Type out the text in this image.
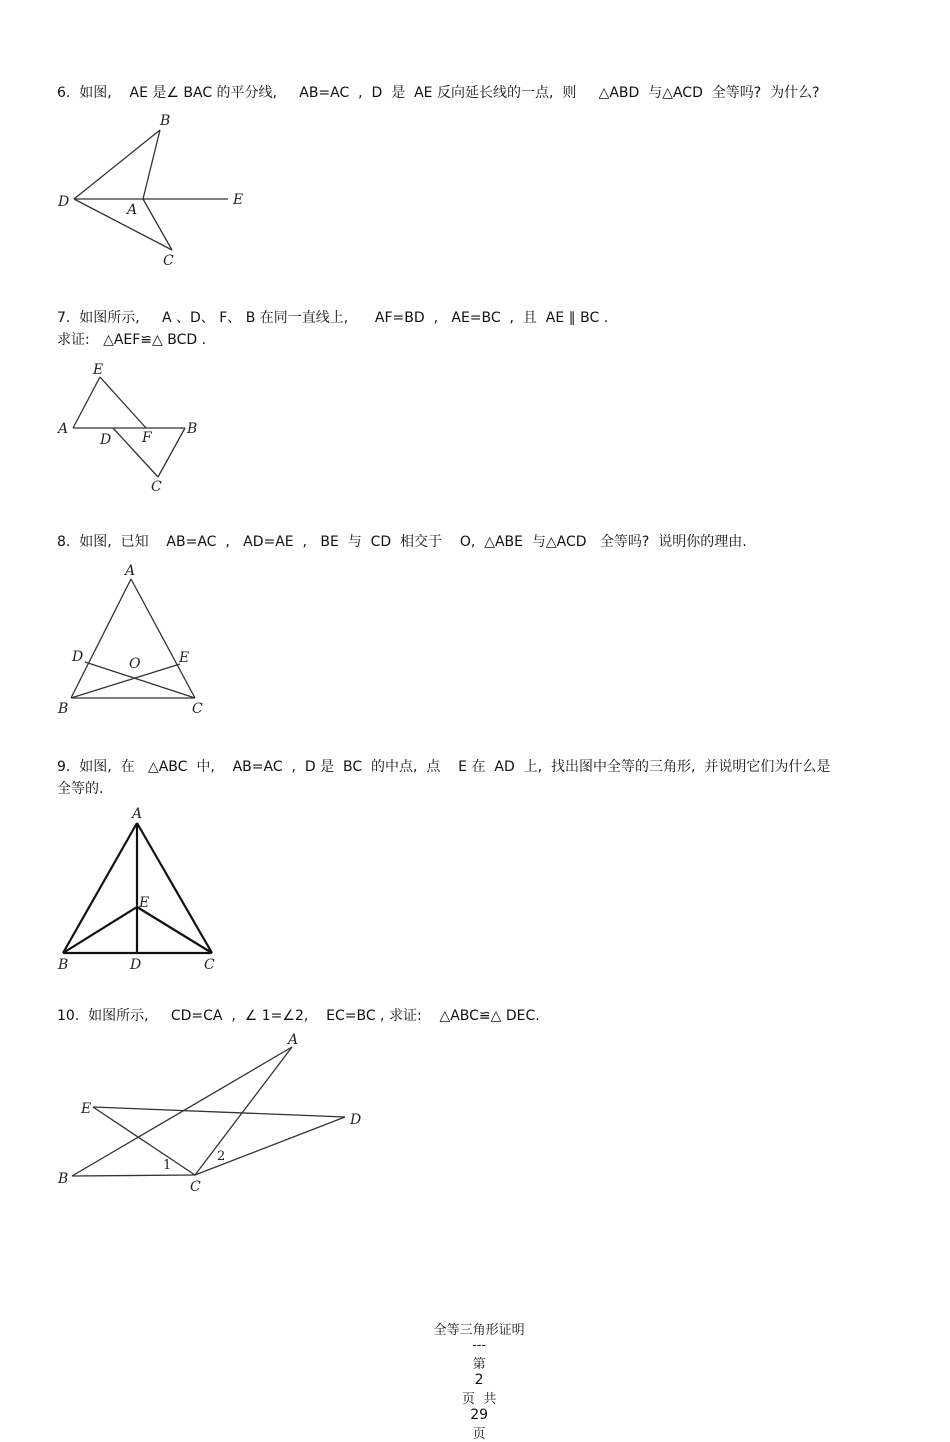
6.  如图,    AE 是∠ BAC 的平分线,     AB=AC  ,  D  是  AE 反向延长线的一点,  则     △ABD  与△ACD  全等吗?  为什么?
7.  如图所示,     A 、D、 F、 B 在同一直线上,      AF=BD  ,   AE=BC  ,  且  AE ∥ BC .
求证:   △AEF≌△ BCD .
8.  如图,  已知    AB=AC  ,   AD=AE  ,   BE  与  CD  相交于    O,  △ABE  与△ACD   全等吗?  说明你的理由.
9.  如图,  在   △ABC  中,    AB=AC  ,  D 是  BC  的中点,  点    E 在  AD  上,  找出图中全等的三角形,  并说明它们为什么是
全等的.
10.  如图所示,     CD=CA  ,  ∠ 1=∠2,    EC=BC , 求证:    △ABC≌△ DEC.
B
D	A
E
C
E
A
D F
B
C
A
D	O	E
B	C
A
E
B	D	C
A
E
D
B	C
1
2

全等三角形证明
---
第
2
页  共
29
页
